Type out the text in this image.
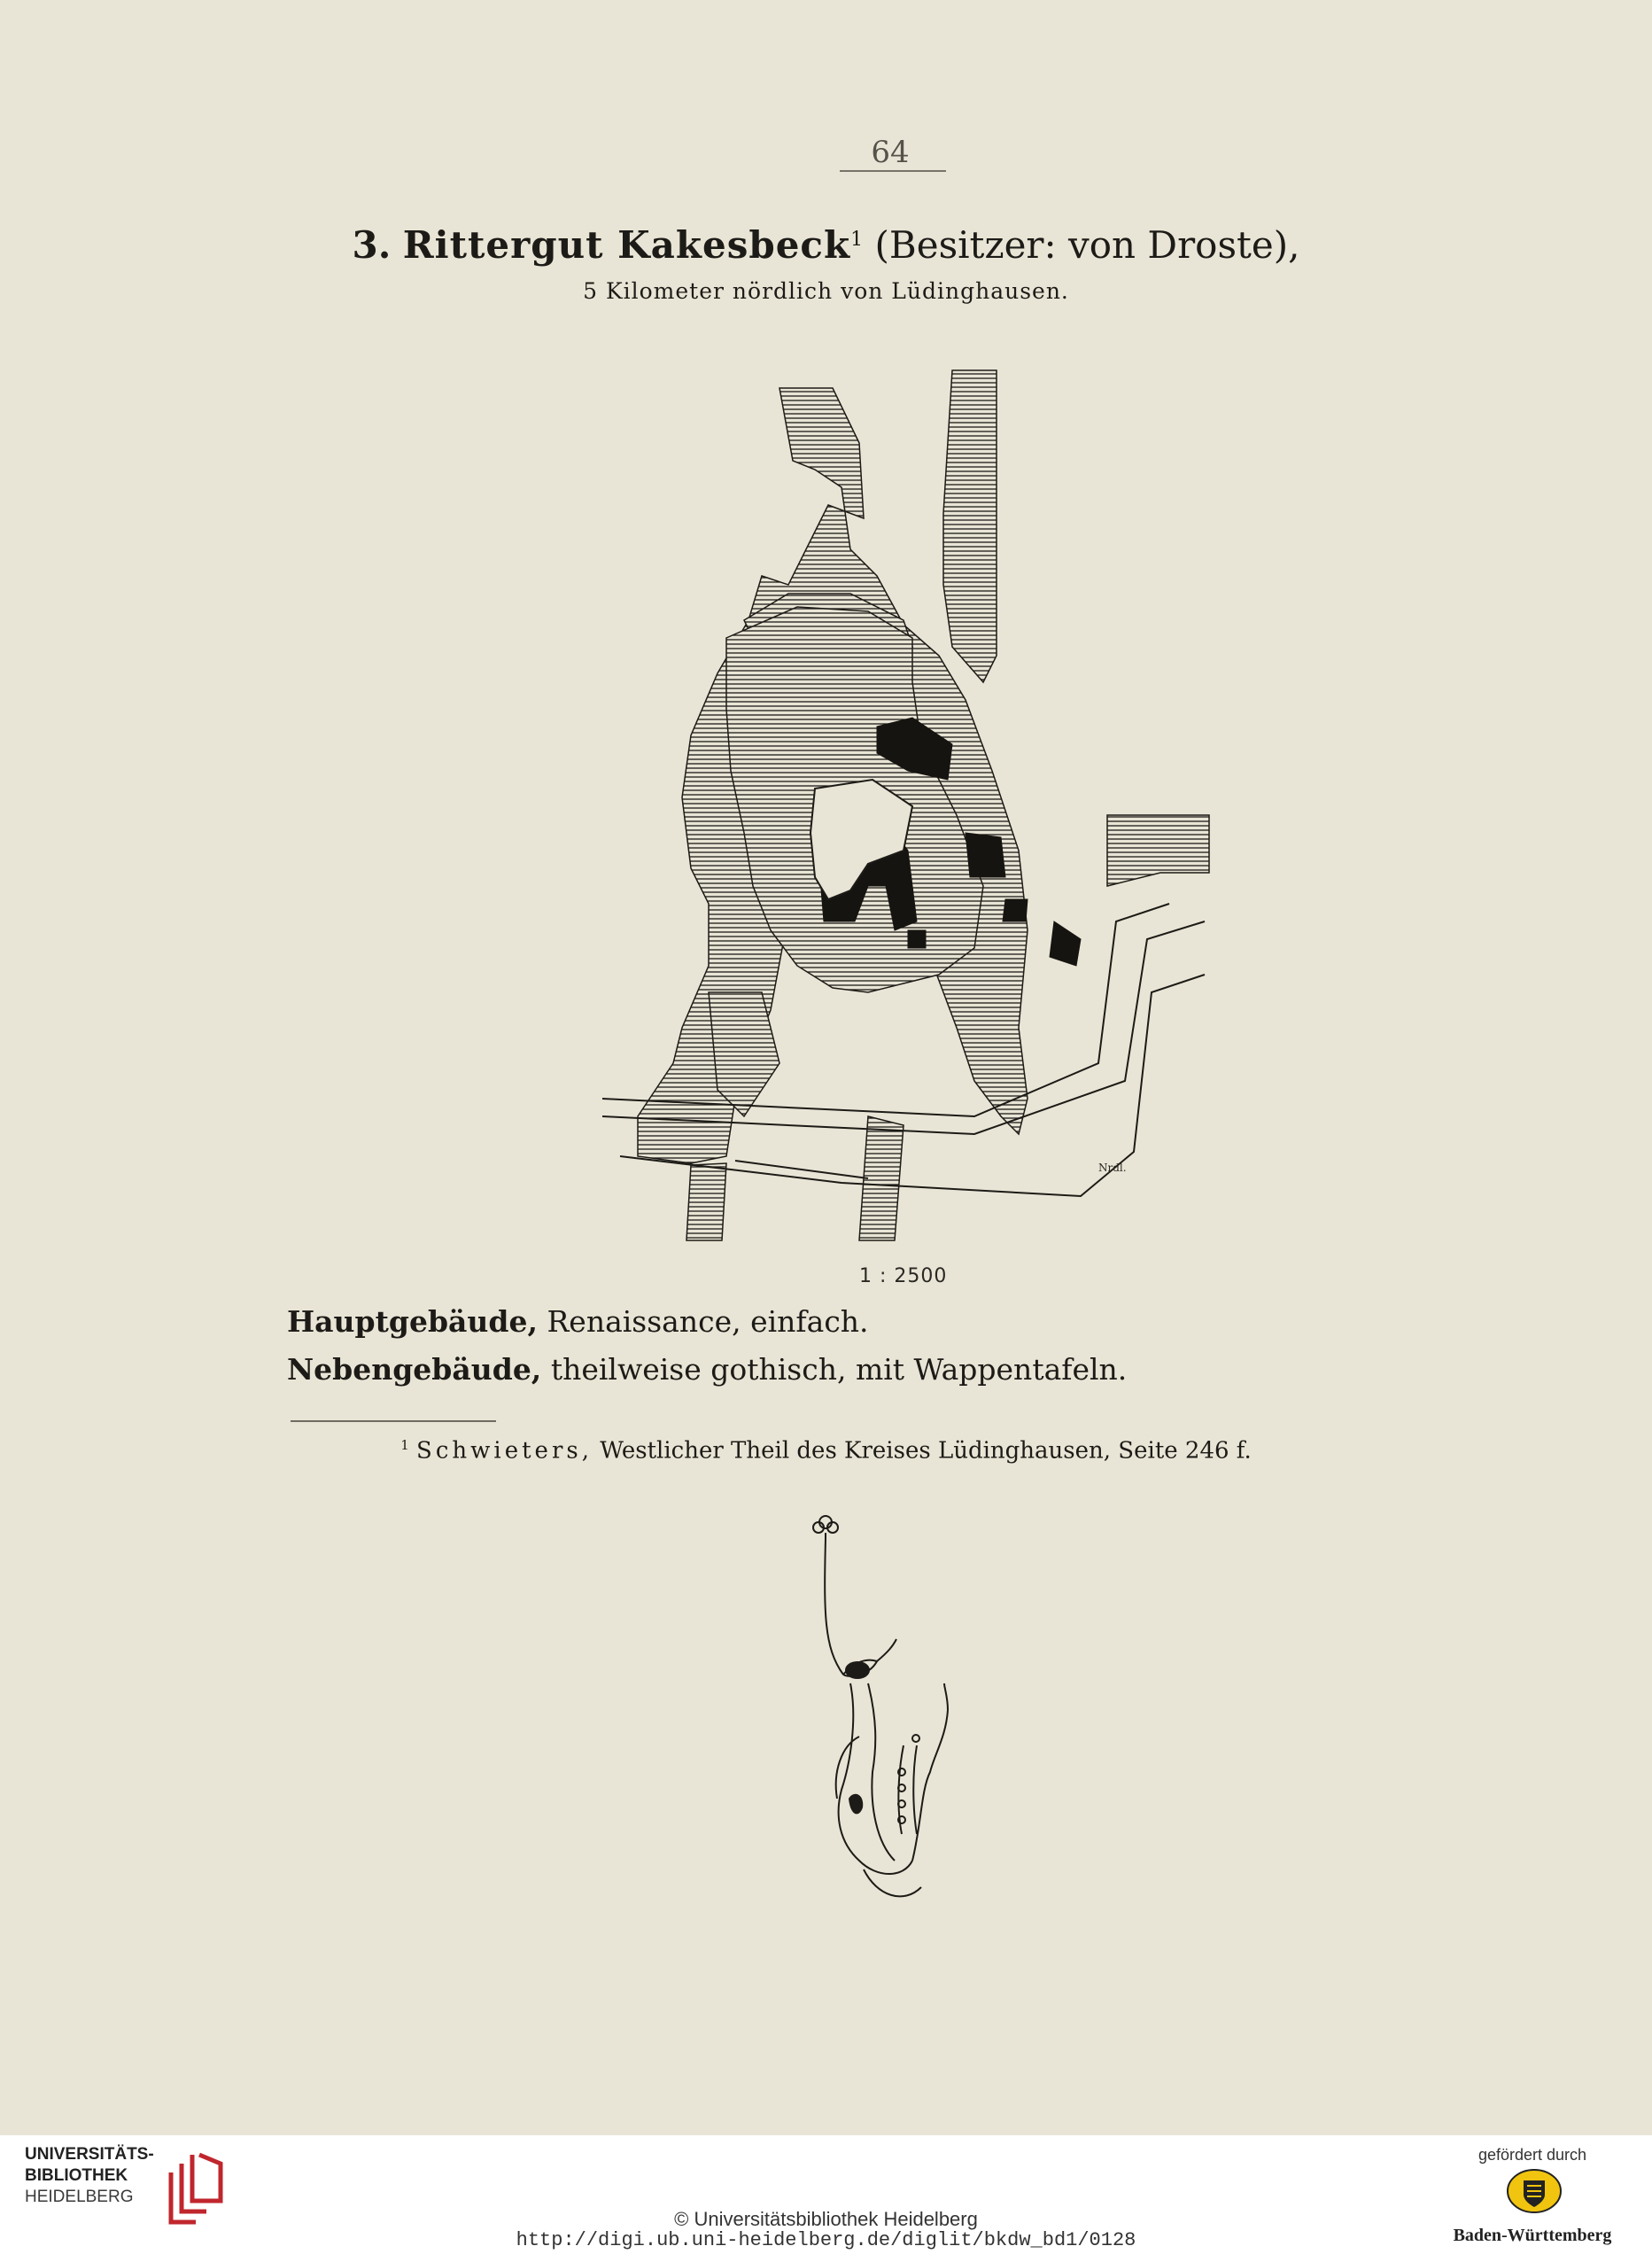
64
3. Rittergut Kakesbeck$^1$ (Besitzer: von Droste),
5 Kilometer nördlich von Lüdinghausen.
Nrdl.
1 : 2500
Hauptgebäude, Renaissance, einfach.
Nebengebäude, theilweise gothisch, mit Wappentafeln.
$^1$ Schwieters, Westlicher Theil des Kreises Lüdinghausen, Seite 246 f.
UNIVERSITÄTS-
BIBLIOTHEK
HEIDELBERG
gefördert durch
Baden-Württemberg
© Universitätsbibliothek Heidelberg
http://digi.ub.uni-heidelberg.de/diglit/bkdw_bd1/0128
